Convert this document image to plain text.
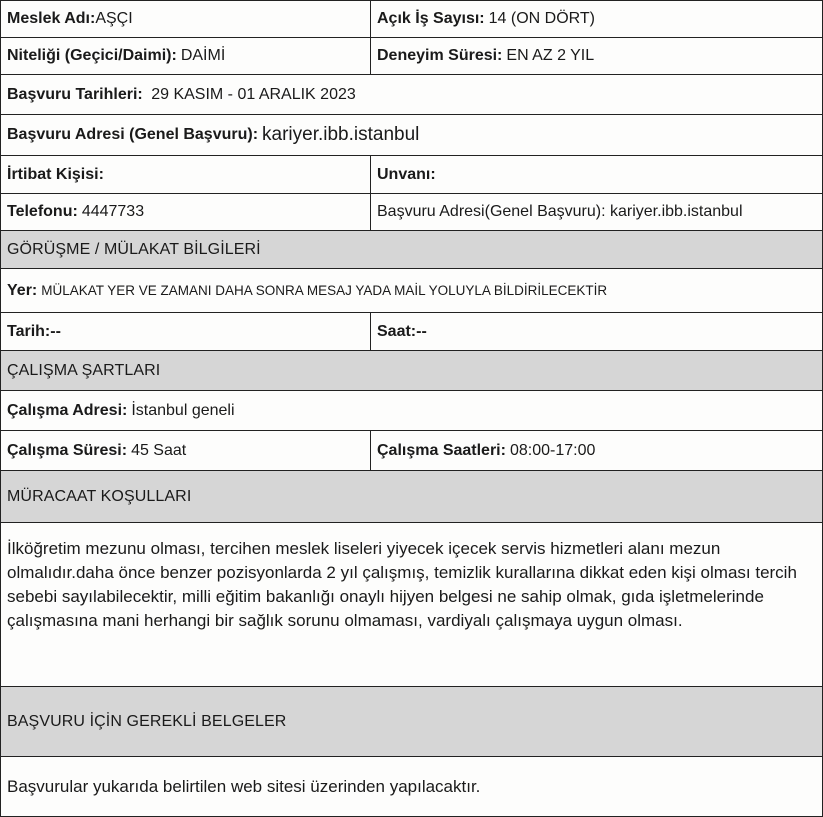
Meslek Adı: AŞÇI	Açık İş Sayısı: 14 (ON DÖRT)
Niteliği (Geçici/Daimi): DAİMİ	Deneyim Süresi: EN AZ 2 YIL
Başvuru Tarihleri:
29 KASIM - 01 ARALIK 2023
Başvuru Adresi (Genel Başvuru): kariyer.ibb.istanbul
İrtibat Kişisi:	Unvanı:
Telefonu: 4447733	Başvuru Adresi(Genel Başvuru): kariyer.ibb.istanbul
GÖRÜŞME / MÜLAKAT BİLGİLERİ
Yer: MÜLAKAT YER VE ZAMANI DAHA SONRA MESAJ YADA MAİL YOLUYLA BİLDİRİLECEKTİR
Tarih:--	Saat:--
ÇALIŞMA ŞARTLARI
Çalışma Adresi: İstanbul geneli
Çalışma Süresi: 45 Saat	Çalışma Saatleri: 08:00-17:00
MÜRACAAT KOŞULLARI
İlköğretim mezunu olması, tercihen meslek liseleri yiyecek içecek servis hizmetleri alanı mezun olmalıdır.daha önce benzer pozisyonlarda 2 yıl çalışmış, temizlik kurallarına dikkat eden kişi olması tercih sebebi sayılabilecektir, milli eğitim bakanlığı onaylı hijyen belgesi ne sahip olmak, gıda işletmelerinde çalışmasına mani herhangi bir sağlık sorunu olmaması, vardiyalı çalışmaya uygun olması.
BAŞVURU İÇİN GEREKLİ BELGELER
Başvurular yukarıda belirtilen web sitesi üzerinden yapılacaktır.
